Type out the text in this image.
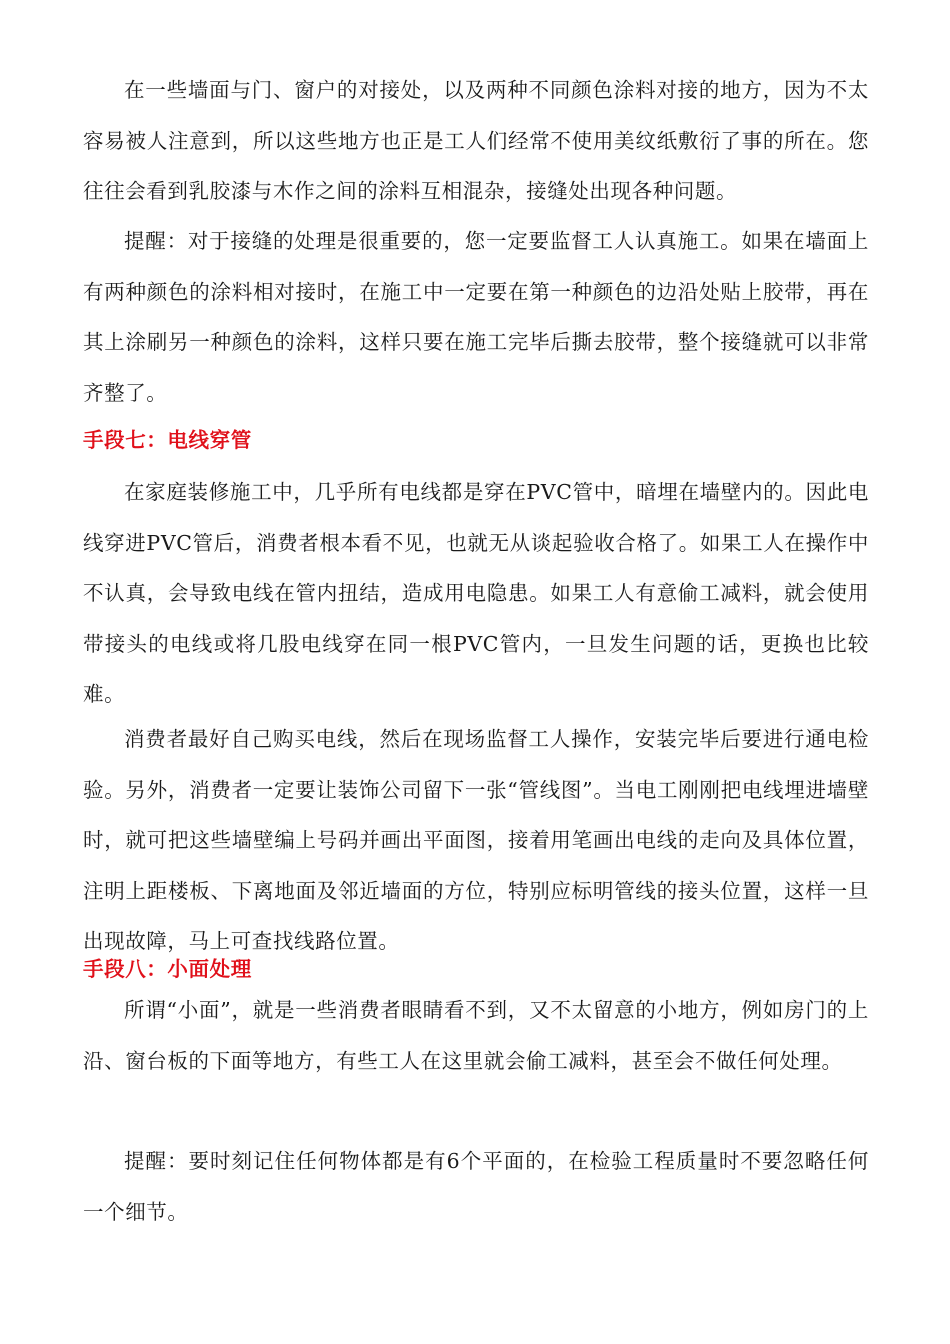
在一些墙面与门、窗户的对接处，以及两种不同颜色涂料对接的地方，因为不太容易被人注意到，所以这些地方也正是工人们经常不使用美纹纸敷衍了事的所在。您往往会看到乳胶漆与木作之间的涂料互相混杂，接缝处出现各种问题。

提醒：对于接缝的处理是很重要的，您一定要监督工人认真施工。如果在墙面上有两种颜色的涂料相对接时，在施工中一定要在第一种颜色的边沿处贴上胶带，再在其上涂刷另一种颜色的涂料，这样只要在施工完毕后撕去胶带，整个接缝就可以非常齐整了。

手段七：电线穿管

在家庭装修施工中，几乎所有电线都是穿在PVC管中，暗埋在墙壁内的。因此电线穿进PVC管后，消费者根本看不见，也就无从谈起验收合格了。如果工人在操作中不认真，会导致电线在管内扭结，造成用电隐患。如果工人有意偷工减料，就会使用带接头的电线或将几股电线穿在同一根PVC管内，一旦发生问题的话，更换也比较难。

消费者最好自己购买电线，然后在现场监督工人操作，安装完毕后要进行通电检验。另外，消费者一定要让装饰公司留下一张“管线图”。当电工刚刚把电线埋进墙壁时，就可把这些墙壁编上号码并画出平面图，接着用笔画出电线的走向及具体位置，注明上距楼板、下离地面及邻近墙面的方位，特别应标明管线的接头位置，这样一旦出现故障，马上可查找线路位置。

手段八：小面处理

所谓“小面”，就是一些消费者眼睛看不到，又不太留意的小地方，例如房门的上沿、窗台板的下面等地方，有些工人在这里就会偷工减料，甚至会不做任何处理。

提醒：要时刻记住任何物体都是有6个平面的，在检验工程质量时不要忽略任何一个细节。
